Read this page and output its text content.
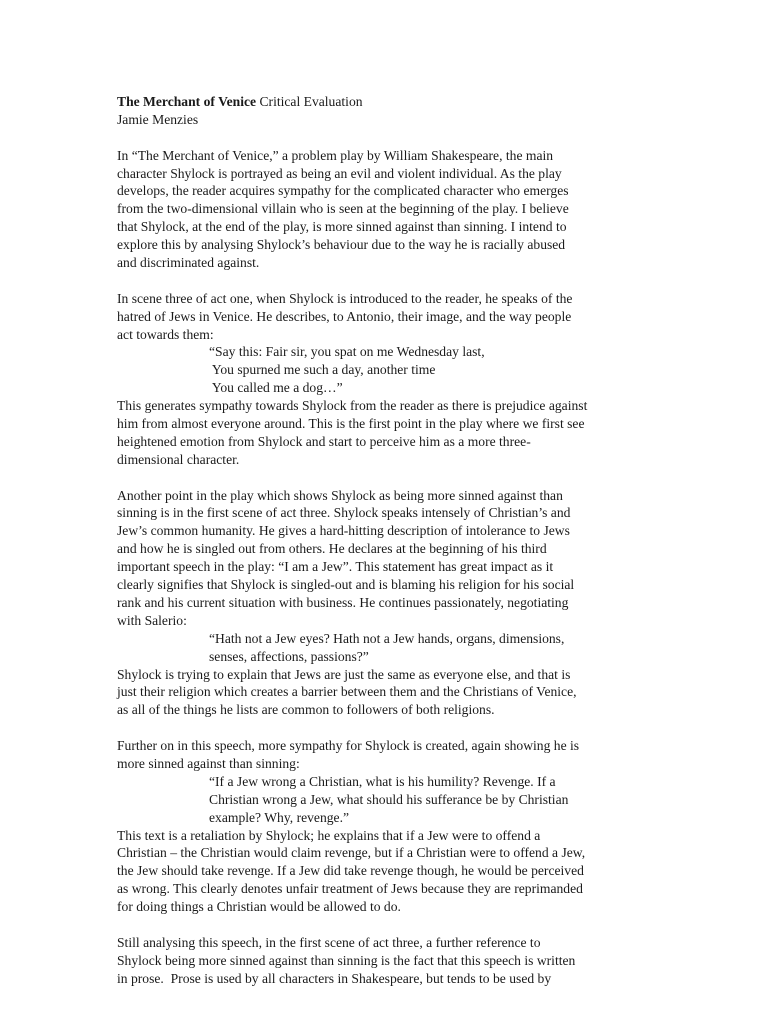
The Merchant of Venice Critical Evaluation
Jamie Menzies
In “The Merchant of Venice,” a problem play by William Shakespeare, the main
character Shylock is portrayed as being an evil and violent individual. As the play
develops, the reader acquires sympathy for the complicated character who emerges
from the two-dimensional villain who is seen at the beginning of the play. I believe
that Shylock, at the end of the play, is more sinned against than sinning. I intend to
explore this by analysing Shylock’s behaviour due to the way he is racially abused
and discriminated against.
In scene three of act one, when Shylock is introduced to the reader, he speaks of the
hatred of Jews in Venice. He describes, to Antonio, their image, and the way people
act towards them:
“Say this: Fair sir, you spat on me Wednesday last,
You spurned me such a day, another time
You called me a dog…”
This generates sympathy towards Shylock from the reader as there is prejudice against
him from almost everyone around. This is the first point in the play where we first see
heightened emotion from Shylock and start to perceive him as a more three-
dimensional character.
Another point in the play which shows Shylock as being more sinned against than
sinning is in the first scene of act three. Shylock speaks intensely of Christian’s and
Jew’s common humanity. He gives a hard-hitting description of intolerance to Jews
and how he is singled out from others. He declares at the beginning of his third
important speech in the play: “I am a Jew”. This statement has great impact as it
clearly signifies that Shylock is singled-out and is blaming his religion for his social
rank and his current situation with business. He continues passionately, negotiating
with Salerio:
“Hath not a Jew eyes? Hath not a Jew hands, organs, dimensions,
senses, affections, passions?”
Shylock is trying to explain that Jews are just the same as everyone else, and that is
just their religion which creates a barrier between them and the Christians of Venice,
as all of the things he lists are common to followers of both religions.
Further on in this speech, more sympathy for Shylock is created, again showing he is
more sinned against than sinning:
“If a Jew wrong a Christian, what is his humility? Revenge. If a
Christian wrong a Jew, what should his sufferance be by Christian
example? Why, revenge.”
This text is a retaliation by Shylock; he explains that if a Jew were to offend a
Christian – the Christian would claim revenge, but if a Christian were to offend a Jew,
the Jew should take revenge. If a Jew did take revenge though, he would be perceived
as wrong. This clearly denotes unfair treatment of Jews because they are reprimanded
for doing things a Christian would be allowed to do.
Still analysing this speech, in the first scene of act three, a further reference to
Shylock being more sinned against than sinning is the fact that this speech is written
in prose.  Prose is used by all characters in Shakespeare, but tends to be used by
